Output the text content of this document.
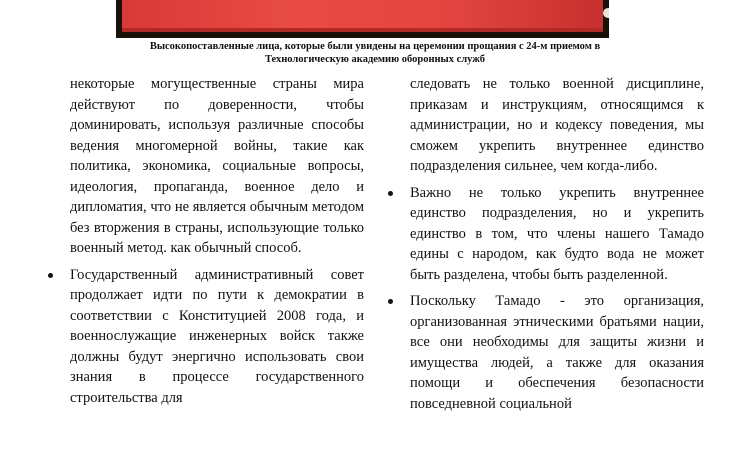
Высокопоставленные лица, которые были увидены на церемонии прощания с 24-м приемом в
Технологическую академию оборонных служб

некоторые могущественные страны мира действуют по доверенности, чтобы доминировать, используя различные способы ведения многомерной войны, такие как политика, экономика, социальные вопросы, идеология, пропаганда, военное дело и дипломатия, что не является обычным методом без вторжения в страны, использующие только военный метод. как обычный способ.

Государственный административный совет продолжает идти по пути к демократии в соответствии с Конституцией 2008 года, и военнослужащие инженерных войск также должны будут энергично использовать свои знания в процессе государственного строительства для

следовать не только военной дисциплине, приказам и инструкциям, относящимся к администрации, но и кодексу поведения, мы сможем укрепить внутреннее единство подразделения сильнее, чем когда-либо.

Важно не только укрепить внутреннее единство подразделения, но и укрепить единство в том, что члены нашего Тамадо едины с народом, как будто вода не может быть разделена, чтобы быть разделенной.

Поскольку Тамадо - это организация, организованная этническими братьями нации, все они необходимы для защиты жизни и имущества людей, а также для оказания помощи и обеспечения безопасности повседневной социальной
